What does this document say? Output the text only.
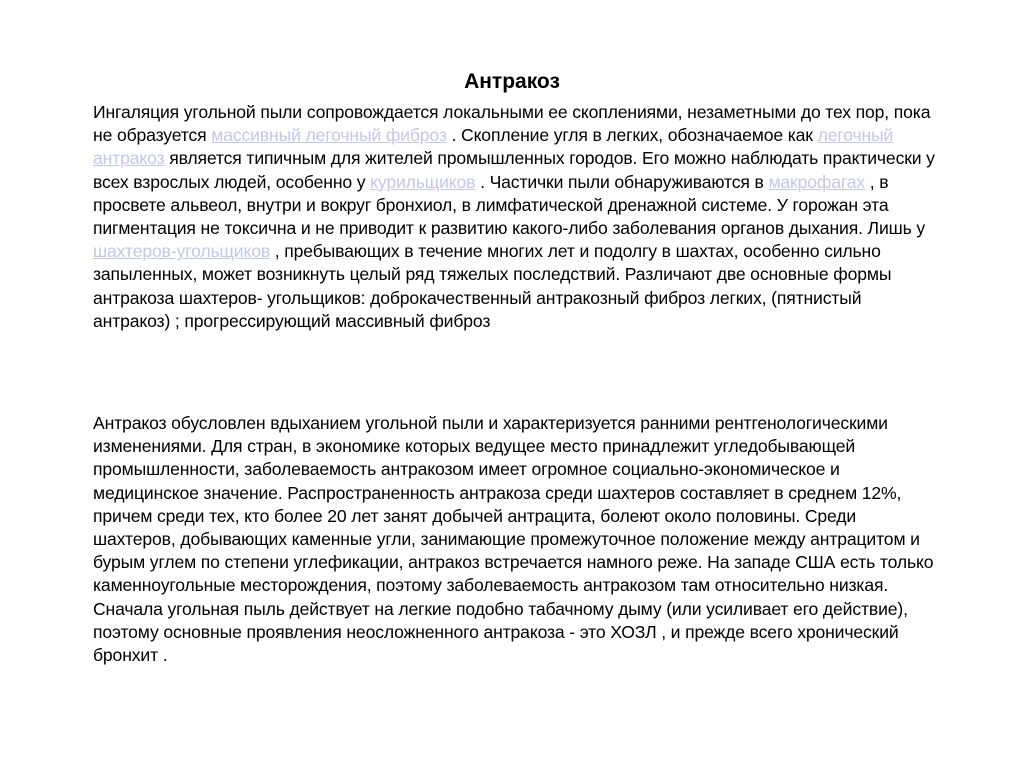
Антракоз
Ингаляция угольной пыли сопровождается локальными ее скоплениями, незаметными до тех пор, пока не образуется массивный легочный фиброз . Скопление угля в легких, обозначаемое как легочный антракоз является типичным для жителей промышленных городов. Его можно наблюдать практически у всех взрослых людей, особенно у курильщиков . Частички пыли обнаруживаются в макрофагах , в просвете альвеол, внутри и вокруг бронхиол, в лимфатической дренажной системе. У горожан эта пигментация не токсична и не приводит к развитию какого-либо заболевания органов дыхания. Лишь у шахтеров-угольщиков , пребывающих в течение многих лет и подолгу в шахтах, особенно сильно запыленных, может возникнуть целый ряд тяжелых последствий. Различают две основные формы антракоза шахтеров- угольщиков: доброкачественный антракозный фиброз легких, (пятнистый антракоз) ; прогрессирующий массивный фиброз
Антракоз обусловлен вдыханием угольной пыли и характеризуется ранними рентгенологическими изменениями. Для стран, в экономике которых ведущее место принадлежит угледобывающей промышленности, заболеваемость антракозом имеет огромное социально-экономическое и медицинское значение. Распространенность антракоза среди шахтеров составляет в среднем 12%, причем среди тех, кто более 20 лет занят добычей антрацита, болеют около половины. Среди шахтеров, добывающих каменные угли, занимающие промежуточное положение между антрацитом и бурым углем по степени углефикации, антракоз встречается намного реже. На западе США есть только каменноугольные месторождения, поэтому заболеваемость антракозом там относительно низкая. Сначала угольная пыль действует на легкие подобно табачному дыму (или усиливает его действие), поэтому основные проявления неосложненного антракоза - это ХОЗЛ , и прежде всего хронический бронхит .
